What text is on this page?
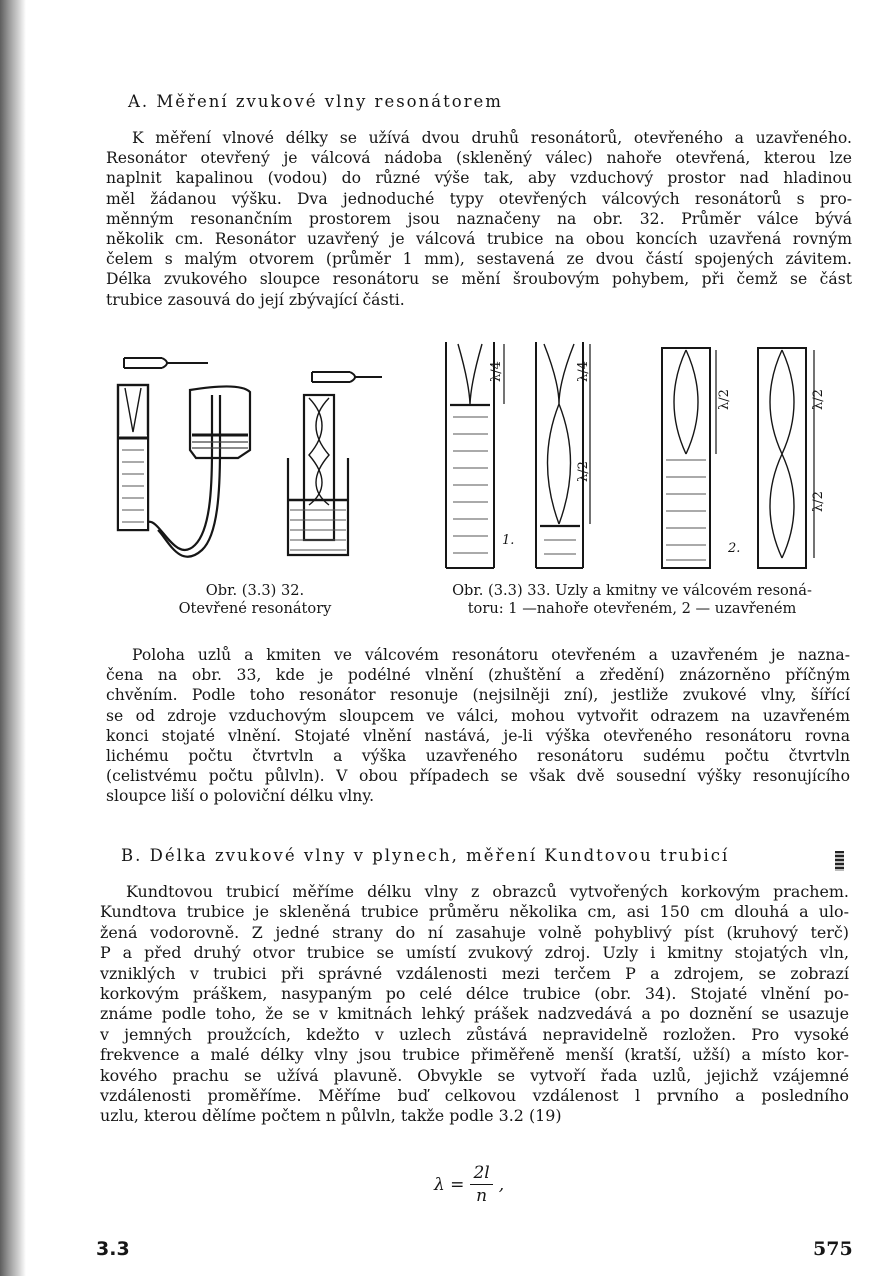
A. Měření zvukové vlny resonátorem
K měření vlnové délky se užívá dvou druhů resonátorů, otevřeného a uzavřeného.
Resonátor otevřený je válcová nádoba (skleněný válec) nahoře otevřená, kterou lze
naplnit kapalinou (vodou) do různé výše tak, aby vzduchový prostor nad hladinou
měl žádanou výšku. Dva jednoduché typy otevřených válcových resonátorů s pro-
měnným resonančním prostorem jsou naznačeny na obr. 32. Průměr válce bývá
několik cm. Resonátor uzavřený je válcová trubice na obou koncích uzavřená rovným
čelem s malým otvorem (průměr 1 mm), sestavená ze dvou částí spojených závitem.
Délka zvukového sloupce resonátoru se mění šroubovým pohybem, při čemž se část
trubice zasouvá do její zbývající části.
λ/4	λ/4
λ/2
λ/2	λ/2
λ/2
1.
2.
Obr. (3.3) 32.
Otevřené resonátory
Obr. (3.3) 33. Uzly a kmitny ve válcovém resoná-
toru: 1 —nahoře otevřeném, 2 — uzavřeném
Poloha uzlů a kmiten ve válcovém resonátoru otevřeném a uzavřeném je nazna-
čena na obr. 33, kde je podélné vlnění (zhuštění a zředění) znázorněno příčným
chvěním. Podle toho resonátor resonuje (nejsilněji zní), jestliže zvukové vlny, šířící
se od zdroje vzduchovým sloupcem ve válci, mohou vytvořit odrazem na uzavřeném
konci stojaté vlnění. Stojaté vlnění nastává, je-li výška otevřeného resonátoru rovna
lichému počtu čtvrtvln a výška uzavřeného resonátoru sudému počtu čtvrtvln
(celistvému počtu půlvln). V obou případech se však dvě sousední výšky resonujícího
sloupce liší o poloviční délku vlny.
B. Délka zvukové vlny v plynech, měření Kundtovou trubicí
Kundtovou trubicí měříme délku vlny z obrazců vytvořených korkovým prachem.
Kundtova trubice je skleněná trubice průměru několika cm, asi 150 cm dlouhá a ulo-
žená vodorovně. Z jedné strany do ní zasahuje volně pohyblivý píst (kruhový terč)
P a před druhý otvor trubice se umístí zvukový zdroj. Uzly i kmitny stojatých vln,
vzniklých v trubici při správné vzdálenosti mezi terčem P a zdrojem, se zobrazí
korkovým práškem, nasypaným po celé délce trubice (obr. 34). Stojaté vlnění po-
známe podle toho, že se v kmitnách lehký prášek nadzvedává a po doznění se usazuje
v jemných proužcích, kdežto v uzlech zůstává nepravidelně rozložen. Pro vysoké
frekvence a malé délky vlny jsou trubice přiměřeně menší (kratší, užší) a místo kor-
kového prachu se užívá plavuně. Obvykle se vytvoří řada uzlů, jejichž vzájemné
vzdálenosti proměříme. Měříme buď celkovou vzdálenost l prvního a posledního
uzlu, kterou dělíme počtem n půlvln, takže podle 3.2 (19)
$\lambda = \frac{2l}{n}$ ,
3.3	575
